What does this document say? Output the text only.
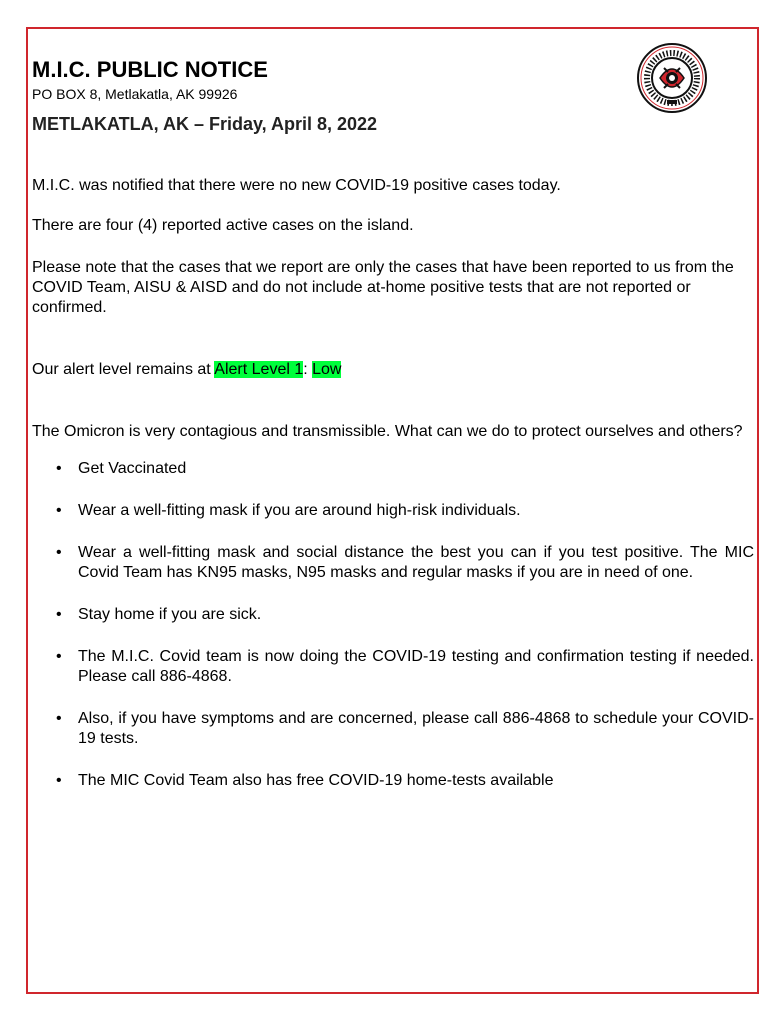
M.I.C. PUBLIC NOTICE
PO BOX 8, Metlakatla, AK 99926
METLAKATLA, AK – Friday, April 8, 2022

M.I.C. was notified that there were no new COVID-19 positive cases today.

There are four (4) reported active cases on the island.

Please note that the cases that we report are only the cases that have been reported to us from the COVID Team, AISU & AISD and do not include at-home positive tests that are not reported or confirmed.

Our alert level remains at Alert Level 1: Low

The Omicron is very contagious and transmissible. What can we do to protect ourselves and others?

• Get Vaccinated
• Wear a well-fitting mask if you are around high-risk individuals.
• Wear a well-fitting mask and social distance the best you can if you test positive. The MIC Covid Team has KN95 masks, N95 masks and regular masks if you are in need of one.
• Stay home if you are sick.
• The M.I.C. Covid team is now doing the COVID-19 testing and confirmation testing if needed. Please call 886-4868.
• Also, if you have symptoms and are concerned, please call 886-4868 to schedule your COVID-19 tests.
• The MIC Covid Team also has free COVID-19 home-tests available
